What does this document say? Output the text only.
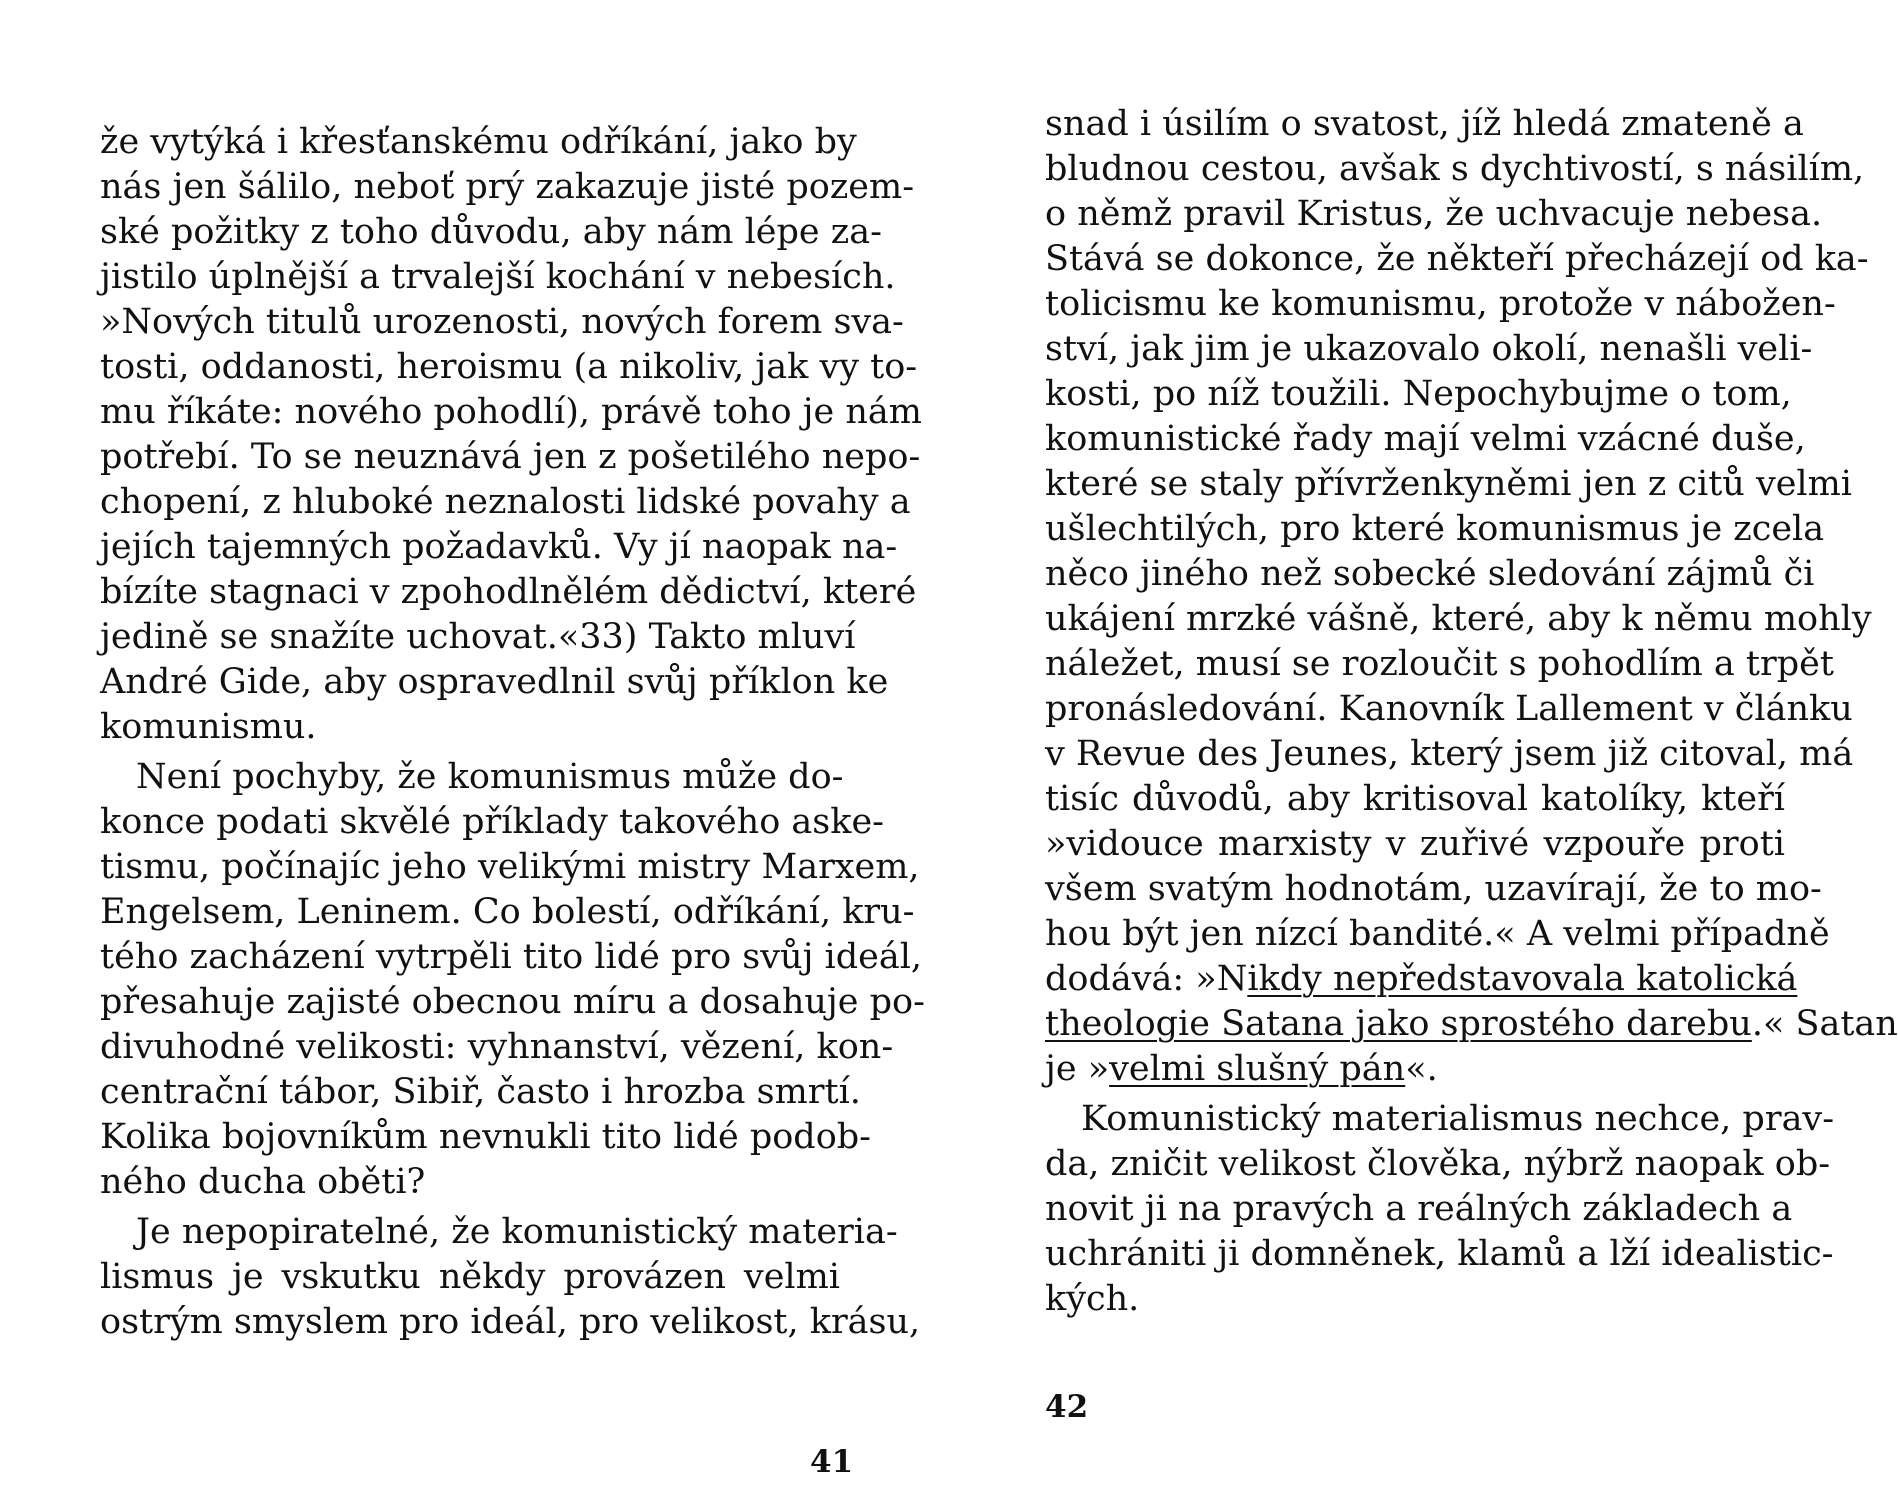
že vytýká i křesťanskému odříkání, jako by
nás jen šálilo, neboť prý zakazuje jisté pozem-
ské požitky z toho důvodu, aby nám lépe za-
jistilo úplnější a trvalejší kochání v nebesích.
»Nových titulů urozenosti, nových forem sva-
tosti, oddanosti, heroismu (a nikoliv, jak vy to-
mu říkáte: nového pohodlí), právě toho je nám
potřebí. To se neuznává jen z pošetilého nepo-
chopení, z hluboké neznalosti lidské povahy a
jejích tajemných požadavků. Vy jí naopak na-
bízíte stagnaci v zpohodlnělém dědictví, které
jedině se snažíte uchovat.«33) Takto mluví
André Gide, aby ospravedlnil svůj příklon ke
komunismu.
Není pochyby, že komunismus může do-
konce podati skvělé příklady takového aske-
tismu, počínajíc jeho velikými mistry Marxem,
Engelsem, Leninem. Co bolestí, odříkání, kru-
tého zacházení vytrpěli tito lidé pro svůj ideál,
přesahuje zajisté obecnou míru a dosahuje po-
divuhodné velikosti: vyhnanství, vězení, kon-
centrační tábor, Sibiř, často i hrozba smrtí.
Kolika bojovníkům nevnukli tito lidé podob-
ného ducha oběti?
Je nepopiratelné, že komunistický materia-
lismus je vskutku někdy provázen velmi
ostrým smyslem pro ideál, pro velikost, krásu,
41
snad i úsilím o svatost, jíž hledá zmateně a
bludnou cestou, avšak s dychtivostí, s násilím,
o němž pravil Kristus, že uchvacuje nebesa.
Stává se dokonce, že někteří přecházejí od ka-
tolicismu ke komunismu, protože v nábožen-
ství, jak jim je ukazovalo okolí, nenašli veli-
kosti, po níž toužili. Nepochybujme o tom,
komunistické řady mají velmi vzácné duše,
které se staly přívrženkyněmi jen z citů velmi
ušlechtilých, pro které komunismus je zcela
něco jiného než sobecké sledování zájmů či
ukájení mrzké vášně, které, aby k němu mohly
náležet, musí se rozloučit s pohodlím a trpět
pronásledování. Kanovník Lallement v článku
v Revue des Jeunes, který jsem již citoval, má
tisíc důvodů, aby kritisoval katolíky, kteří
»vidouce marxisty v zuřivé vzpouře proti
všem svatým hodnotám, uzavírají, že to mo-
hou být jen nízcí bandité.« A velmi případně
dodává: »Nikdy nepředstavovala katolická
theologie Satana jako sprostého darebu.« Satan
je »velmi slušný pán«.
Komunistický materialismus nechce, prav-
da, zničit velikost člověka, nýbrž naopak ob-
novit ji na pravých a reálných základech a
uchrániti ji domněnek, klamů a lží idealistic-
kých.
42
